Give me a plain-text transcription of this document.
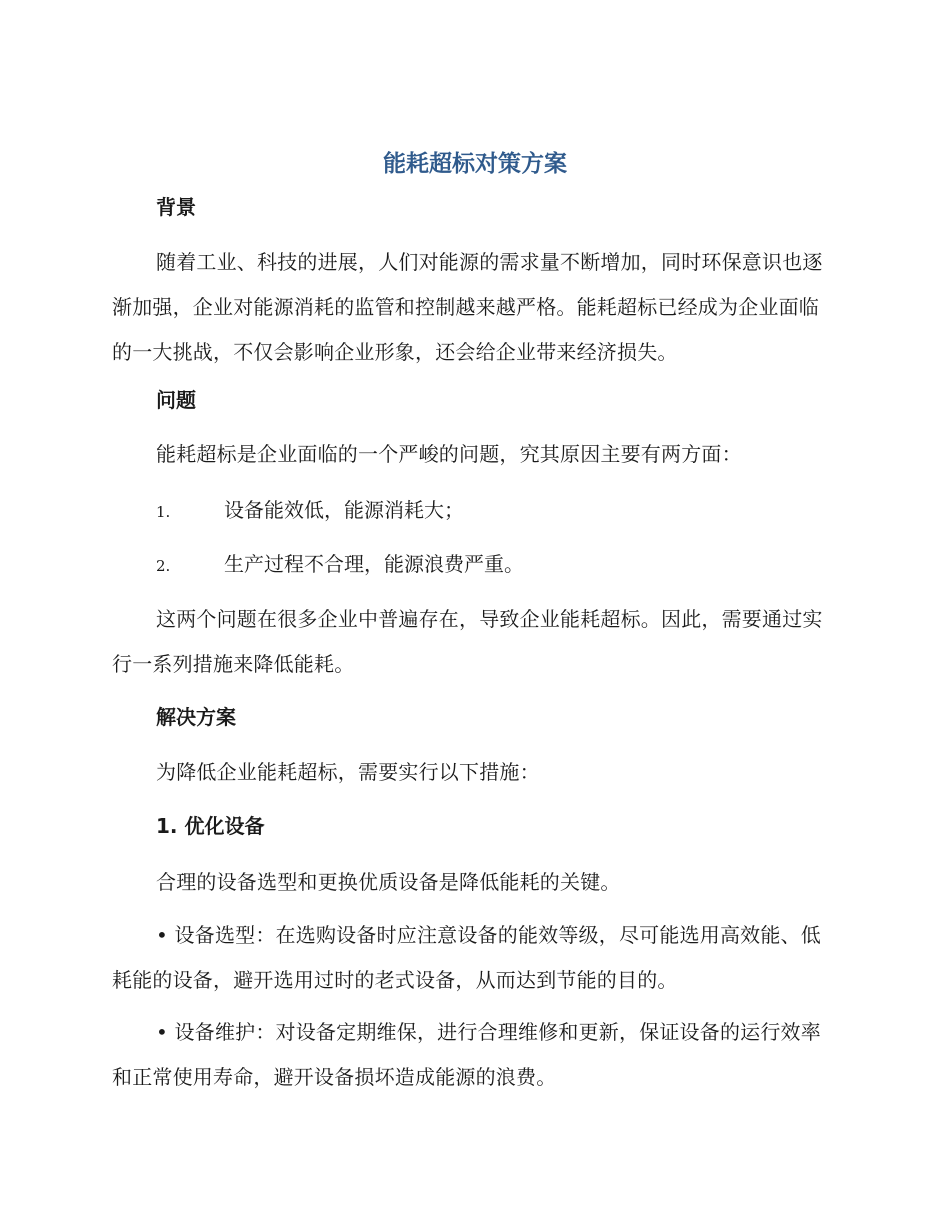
能耗超标对策方案
背景
随着工业、科技的进展，人们对能源的需求量不断增加，同时环保意识也逐渐加强，企业对能源消耗的监管和控制越来越严格。能耗超标已经成为企业面临的一大挑战，不仅会影响企业形象，还会给企业带来经济损失。
问题
能耗超标是企业面临的一个严峻的问题，究其原因主要有两方面：
1.	设备能效低，能源消耗大；
2.	生产过程不合理，能源浪费严重。
这两个问题在很多企业中普遍存在，导致企业能耗超标。因此，需要通过实行一系列措施来降低能耗。
解决方案
为降低企业能耗超标，需要实行以下措施：
1. 优化设备
合理的设备选型和更换优质设备是降低能耗的关键。
• 设备选型：在选购设备时应注意设备的能效等级，尽可能选用高效能、低耗能的设备，避开选用过时的老式设备，从而达到节能的目的。
• 设备维护：对设备定期维保，进行合理维修和更新，保证设备的运行效率和正常使用寿命，避开设备损坏造成能源的浪费。
